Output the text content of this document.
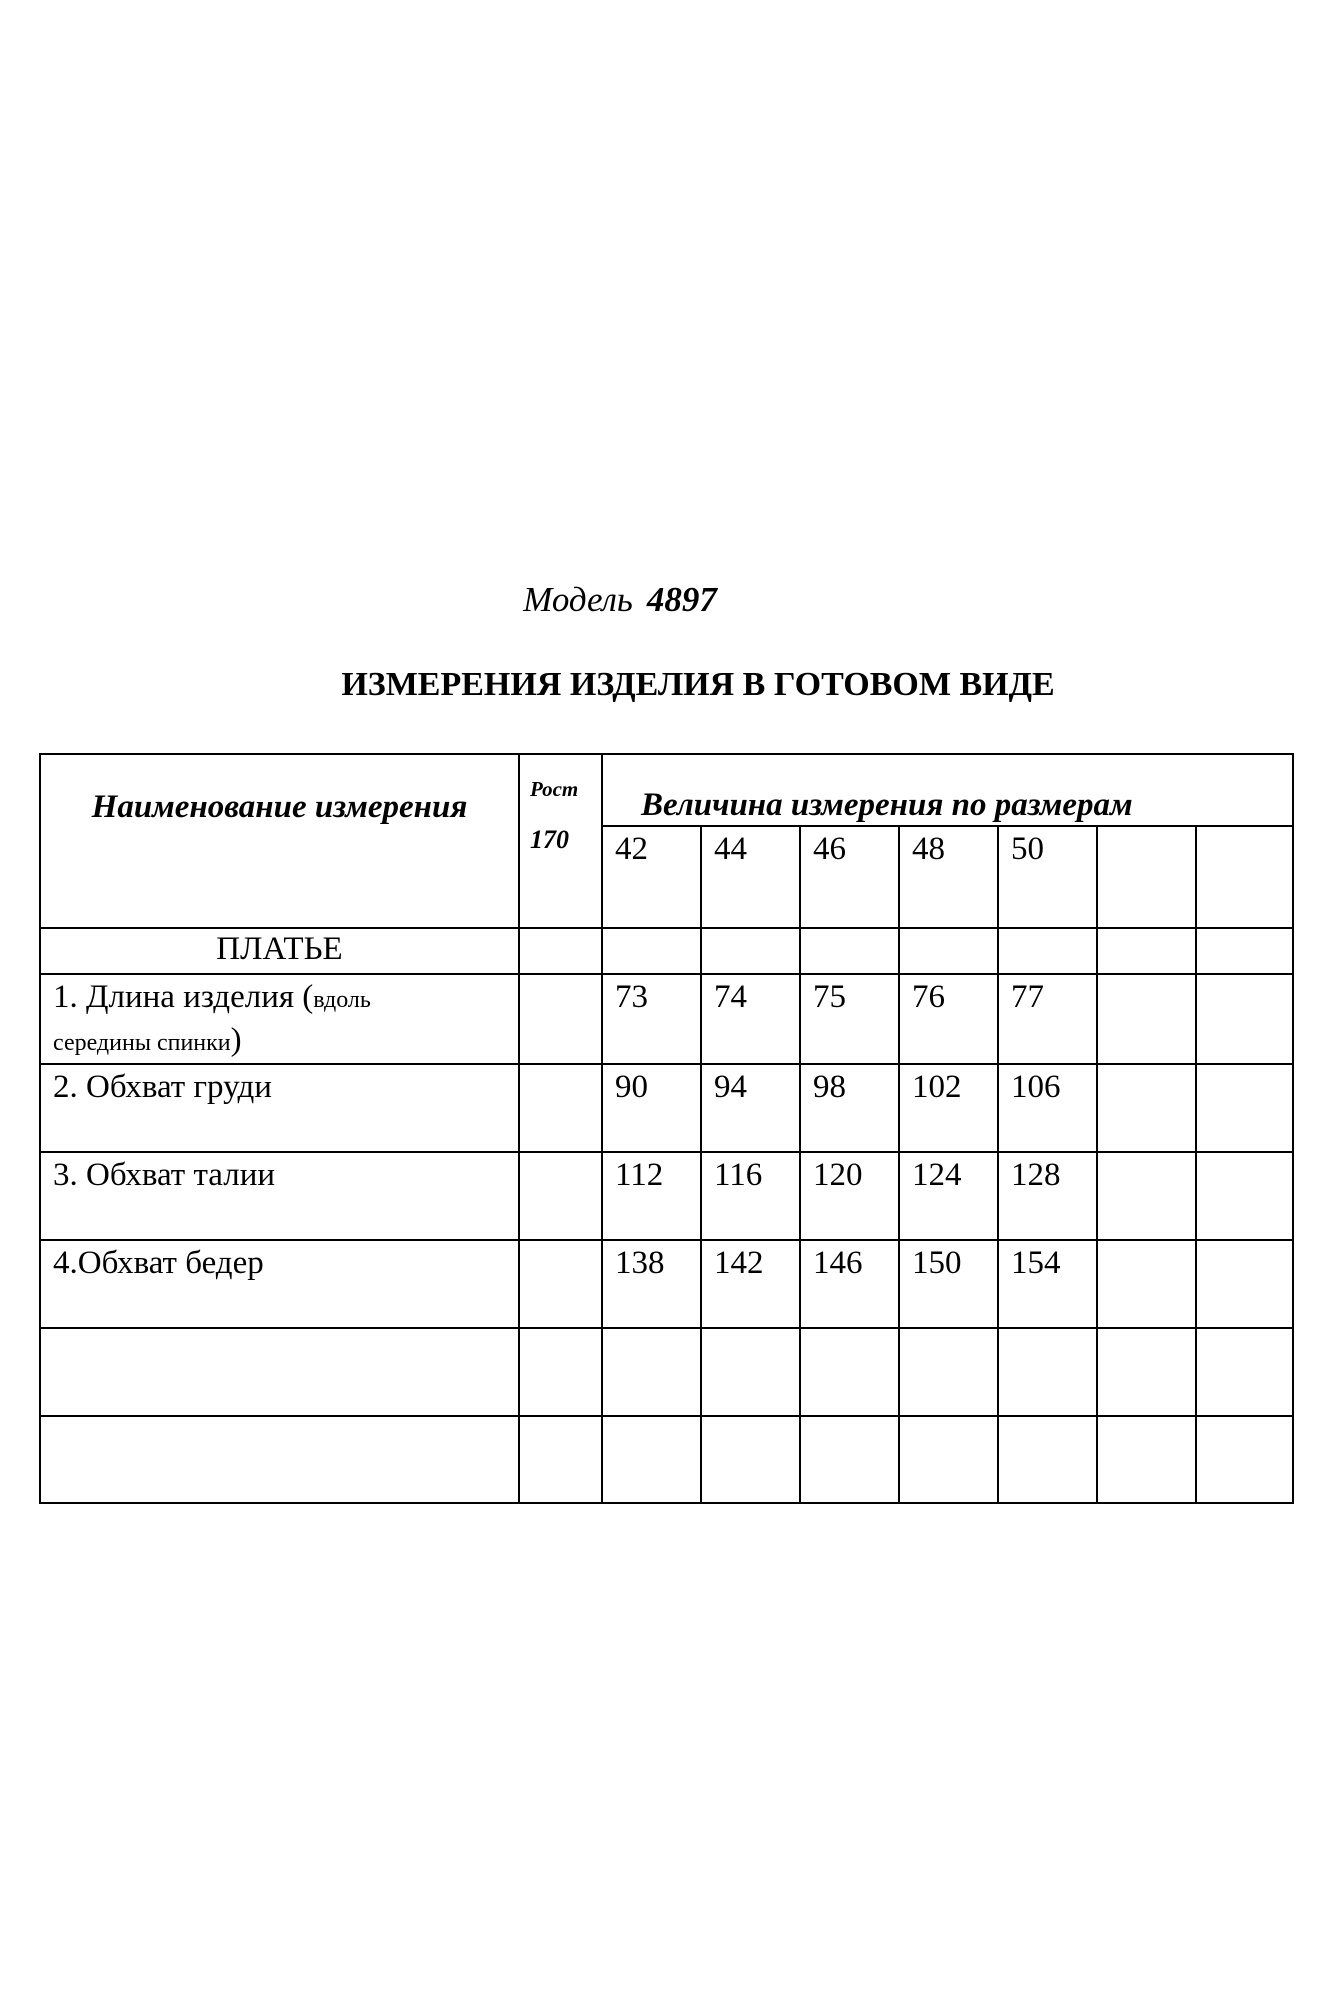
Модель 4897
ИЗМЕРЕНИЯ ИЗДЕЛИЯ В ГОТОВОМ ВИДЕ
Наименование измерения	Рост
170	Величина измерения по размерам						
		42	44	46	48	50		
ПЛАТЬЕ								
1. Длина изделия (вдоль
середины спинки)		73	74	75	76	77		
2. Обхват груди		90	94	98	102	106		
3. Обхват талии		112	116	120	124	128		
4.Обхват бедер		138	142	146	150	154		
